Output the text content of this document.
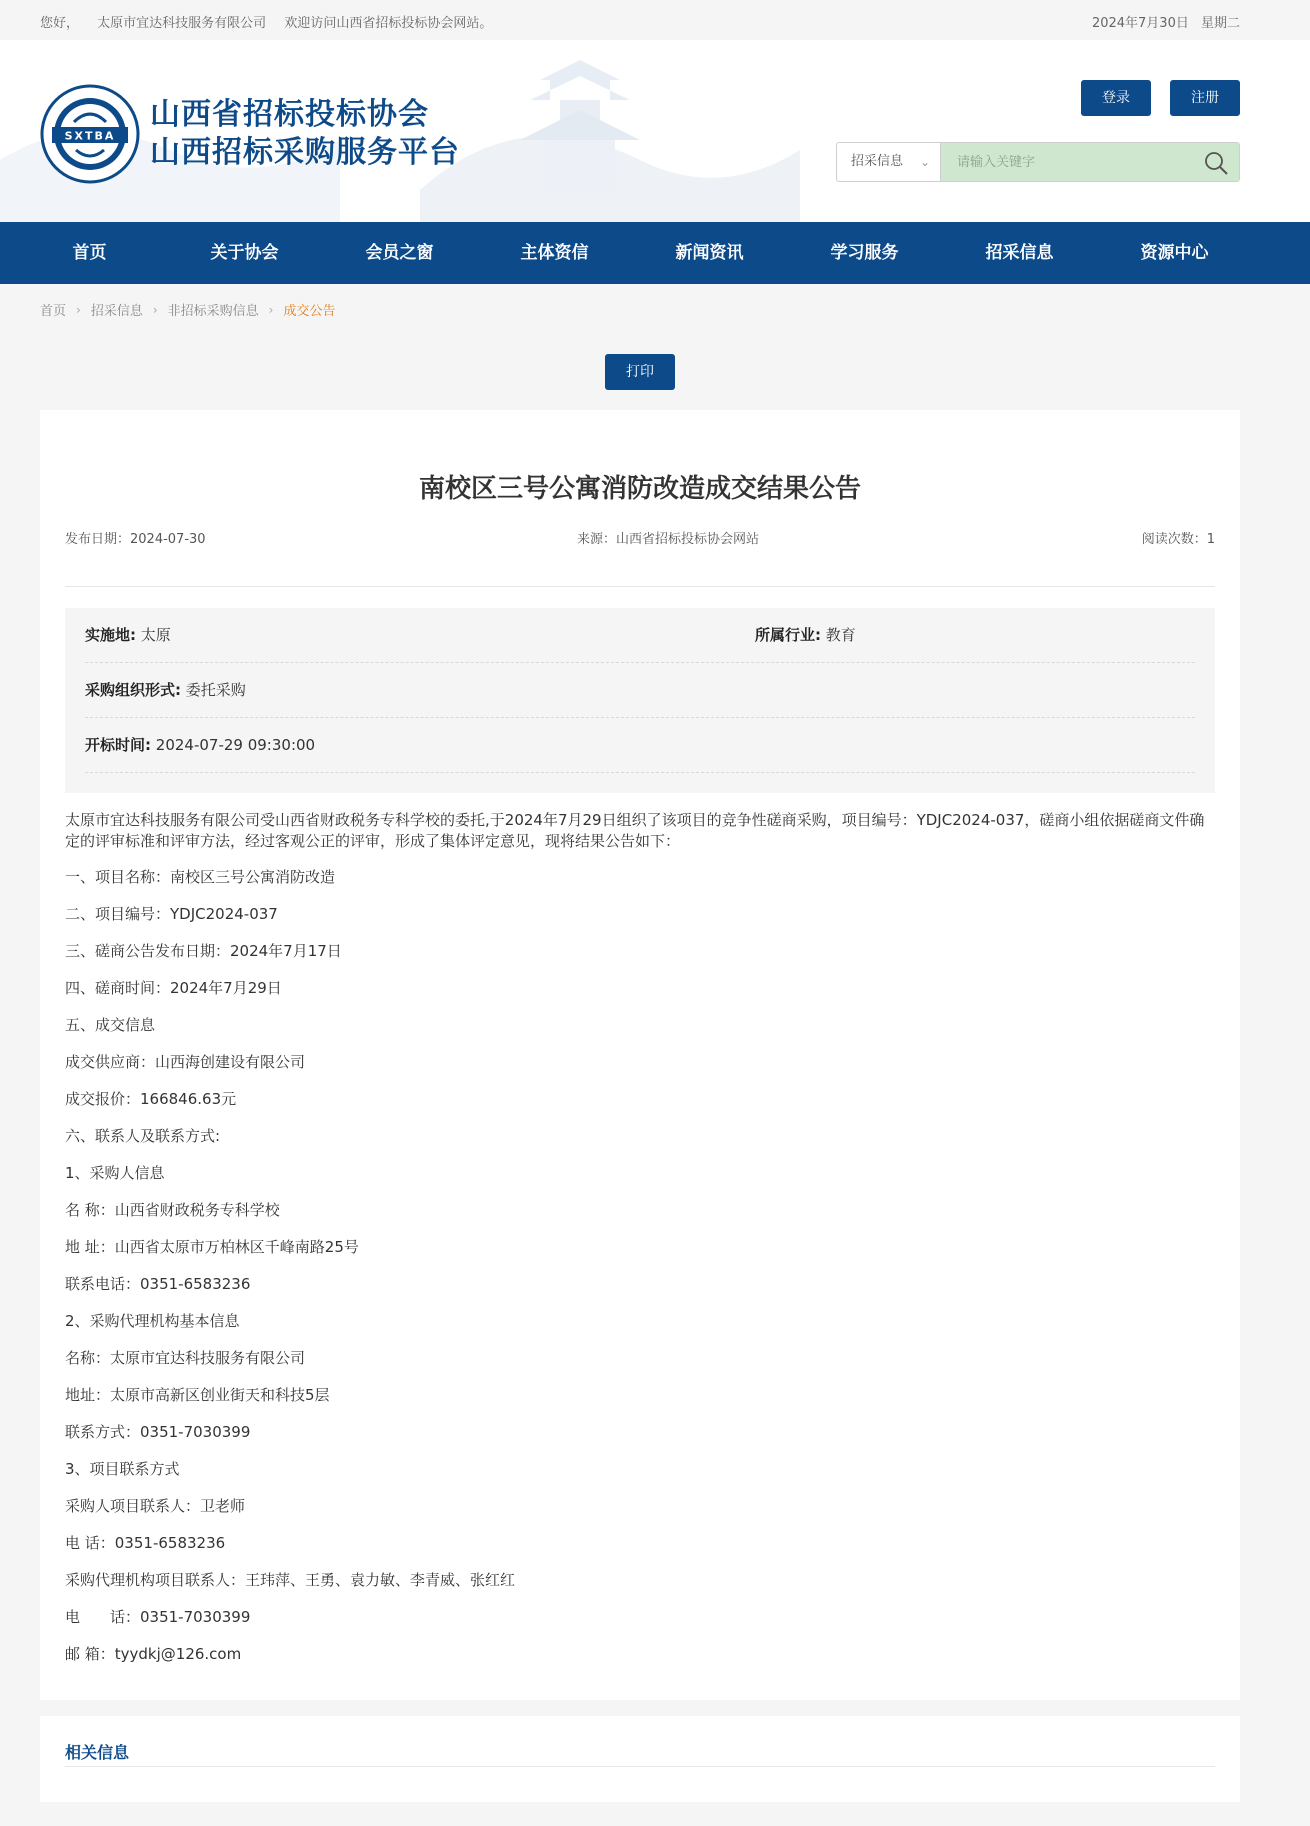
您好， 太原市宜达科技服务有限公司 欢迎访问山西省招标投标协会网站。	2024年7月30日 星期二
SXTBA
山西省招标投标协会
山西招标采购服务平台
登录	注册
招采信息 ⌄
请输入关键字
首页	关于协会	会员之窗	主体资信	新闻资讯	学习服务	招采信息	资源中心
首页 › 招采信息 › 非招标采购信息 › 成交公告
打印
南校区三号公寓消防改造成交结果公告
发布日期：2024-07-30	来源：山西省招标投标协会网站	阅读次数：1
实施地: 太原	所属行业: 教育
采购组织形式: 委托采购
开标时间: 2024-07-29 09:30:00
太原市宜达科技服务有限公司受山西省财政税务专科学校的委托,于2024年7月29日组织了该项目的竞争性磋商采购，项目编号：YDJC2024-037，磋商小组依据磋商文件确定的评审标准和评审方法，经过客观公正的评审，形成了集体评定意见，现将结果公告如下：
一、项目名称：南校区三号公寓消防改造
二、项目编号：YDJC2024-037
三、磋商公告发布日期：2024年7月17日
四、磋商时间：2024年7月29日
五、成交信息
成交供应商：山西海创建设有限公司
成交报价：166846.63元
六、联系人及联系方式:
1、采购人信息
名 称：山西省财政税务专科学校
地 址：山西省太原市万柏林区千峰南路25号
联系电话：0351-6583236
2、采购代理机构基本信息
名称：太原市宜达科技服务有限公司
地址：太原市高新区创业街天和科技5层
联系方式：0351-7030399
3、项目联系方式
采购人项目联系人：卫老师
电 话：0351-6583236
采购代理机构项目联系人：王玮萍、王勇、袁力敏、李青威、张红红
电　　话：0351-7030399
邮 箱：tyydkj@126.com
相关信息
